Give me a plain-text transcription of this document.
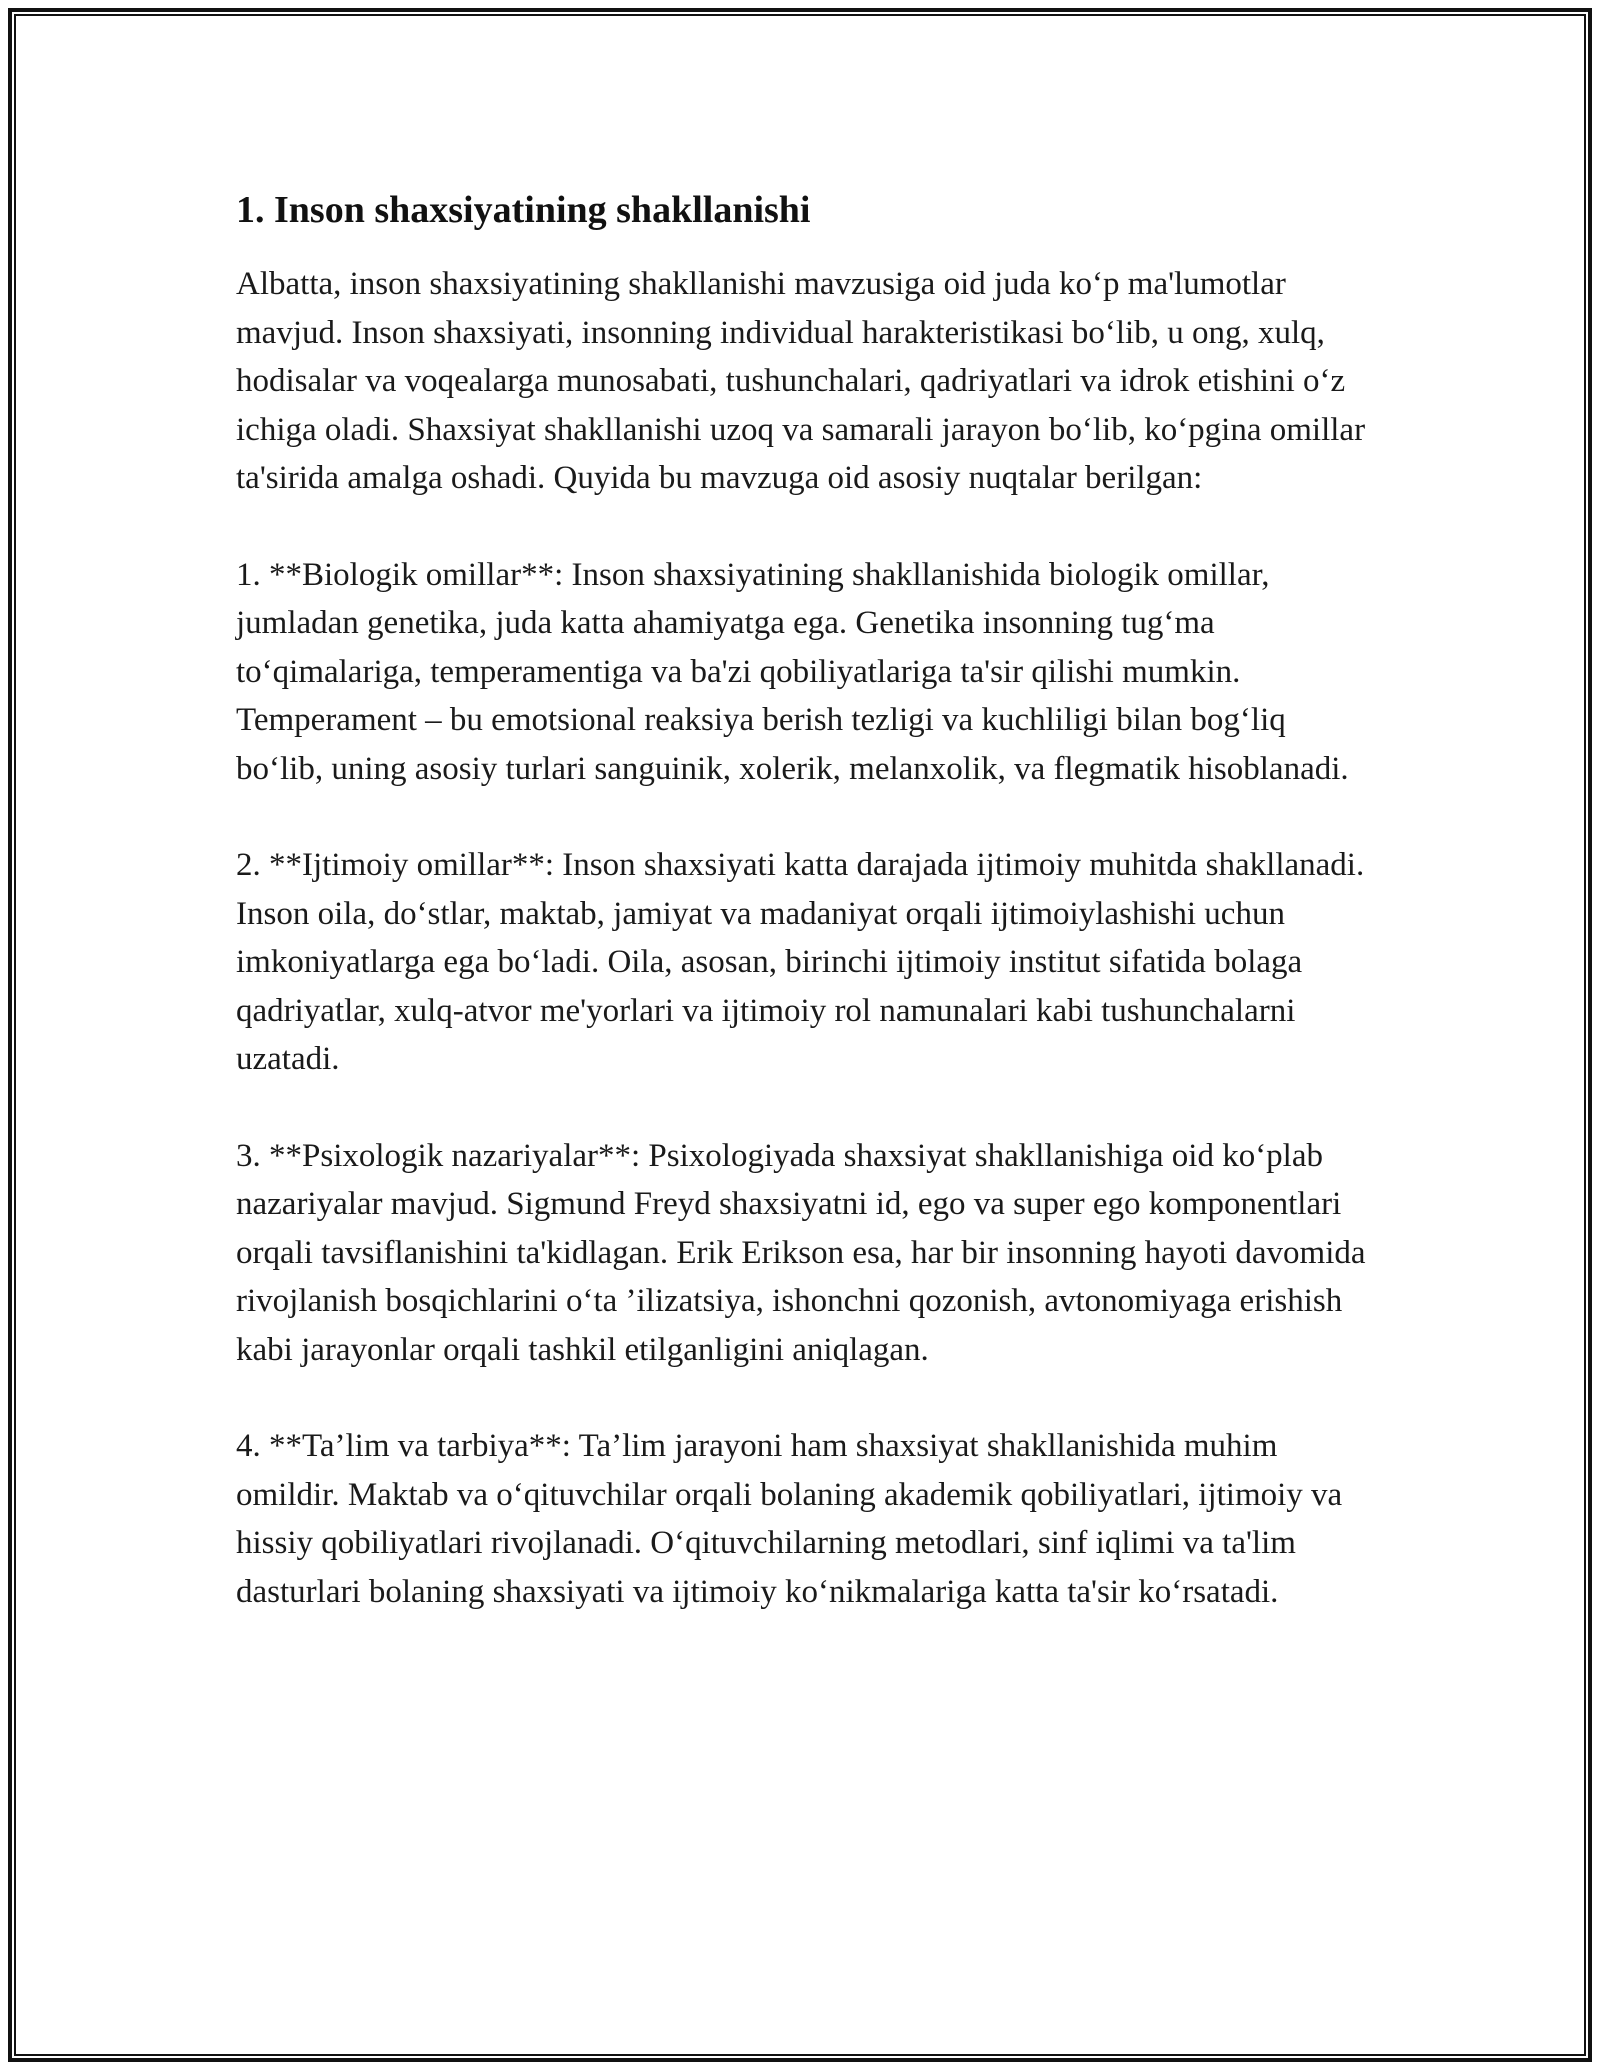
1. Inson shaxsiyatining shakllanishi

Albatta, inson shaxsiyatining shakllanishi mavzusiga oid juda koʻp ma'lumotlar mavjud. Inson shaxsiyati, insonning individual harakteristikasi boʻlib, u ong, xulq, hodisalar va voqealarga munosabati, tushunchalari, qadriyatlari va idrok etishini oʻz ichiga oladi. Shaxsiyat shakllanishi uzoq va samarali jarayon boʻlib, koʻpgina omillar ta'sirida amalga oshadi. Quyida bu mavzuga oid asosiy nuqtalar berilgan:

1. **Biologik omillar**: Inson shaxsiyatining shakllanishida biologik omillar, jumladan genetika, juda katta ahamiyatga ega. Genetika insonning tugʻma toʻqimalariga, temperamentiga va ba'zi qobiliyatlariga ta'sir qilishi mumkin. Temperament – bu emotsional reaksiya berish tezligi va kuchliligi bilan bogʻliq boʻlib, uning asosiy turlari sanguinik, xolerik, melanxolik, va flegmatik hisoblanadi.

2. **Ijtimoiy omillar**: Inson shaxsiyati katta darajada ijtimoiy muhitda shakllanadi. Inson oila, doʻstlar, maktab, jamiyat va madaniyat orqali ijtimoiylashishi uchun imkoniyatlarga ega boʻladi. Oila, asosan, birinchi ijtimoiy institut sifatida bolaga qadriyatlar, xulq-atvor me'yorlari va ijtimoiy rol namunalari kabi tushunchalarni uzatadi.

3. **Psixologik nazariyalar**: Psixologiyada shaxsiyat shakllanishiga oid koʻplab nazariyalar mavjud. Sigmund Freyd shaxsiyatni id, ego va super ego komponentlari orqali tavsiflanishini ta'kidlagan. Erik Erikson esa, har bir insonning hayoti davomida rivojlanish bosqichlarini oʻta ’ilizatsiya, ishonchni qozonish, avtonomiyaga erishish kabi jarayonlar orqali tashkil etilganligini aniqlagan.

4. **Ta’lim va tarbiya**: Ta’lim jarayoni ham shaxsiyat shakllanishida muhim omildir. Maktab va oʻqituvchilar orqali bolaning akademik qobiliyatlari, ijtimoiy va hissiy qobiliyatlari rivojlanadi. Oʻqituvchilarning metodlari, sinf iqlimi va ta'lim dasturlari bolaning shaxsiyati va ijtimoiy koʻnikmalariga katta ta'sir koʻrsatadi.
